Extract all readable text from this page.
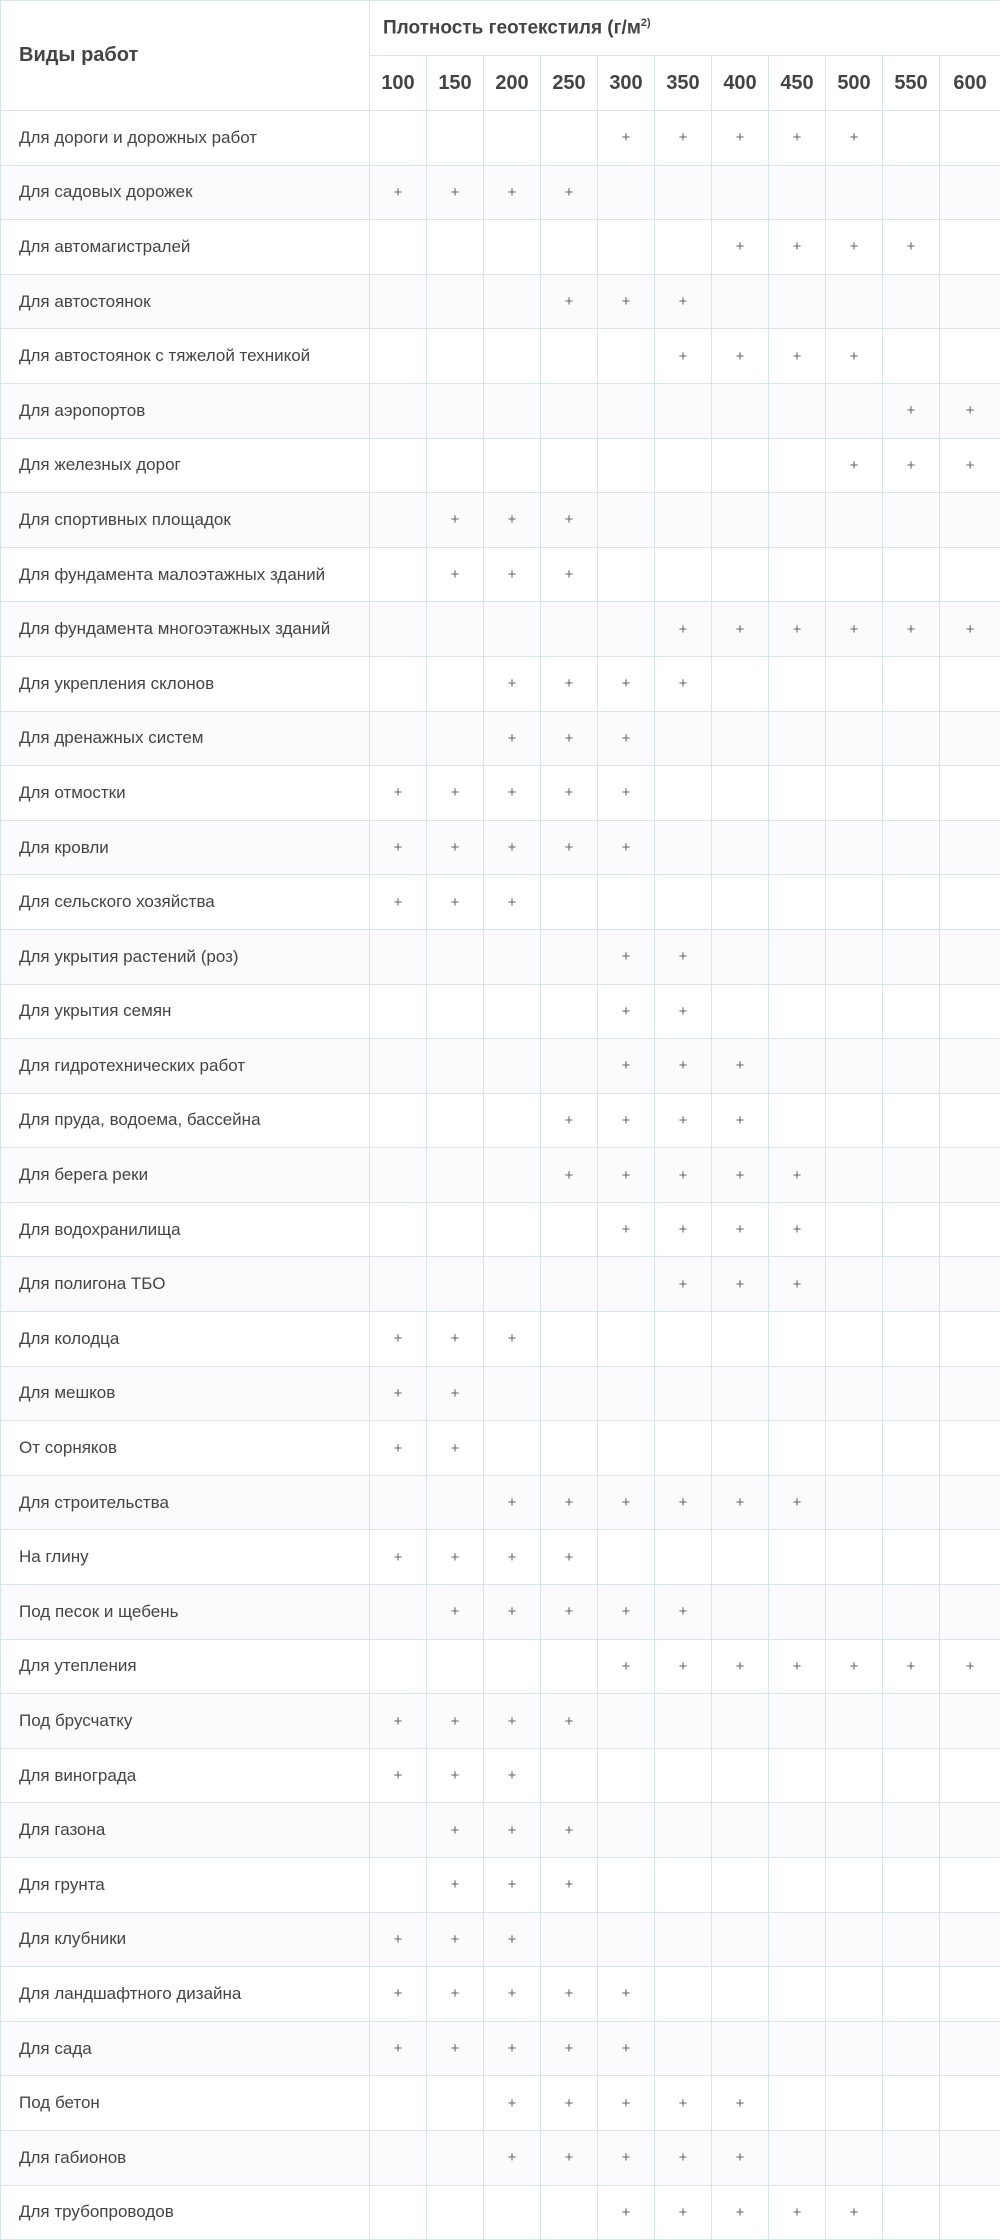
Виды работ	Плотность геотекстиля ($г/м^{2)}$
	100	150	200	250	300	350	400	450	500	550	600
Для дороги и дорожных работ					+	+	+	+	+		
Для садовых дорожек	+	+	+	+							
Для автомагистралей							+	+	+	+	
Для автостоянок				+	+	+					
Для автостоянок с тяжелой техникой						+	+	+	+		
Для аэропортов										+	+
Для железных дорог									+	+	+
Для спортивных площадок		+	+	+							
Для фундамента малоэтажных зданий		+	+	+							
Для фундамента многоэтажных зданий						+	+	+	+	+	+
Для укрепления склонов			+	+	+	+					
Для дренажных систем			+	+	+						
Для отмостки	+	+	+	+	+						
Для кровли	+	+	+	+	+						
Для сельского хозяйства	+	+	+								
Для укрытия растений (роз)					+	+					
Для укрытия семян					+	+					
Для гидротехнических работ					+	+	+				
Для пруда, водоема, бассейна				+	+	+	+				
Для берега реки				+	+	+	+	+			
Для водохранилища					+	+	+	+			
Для полигона ТБО						+	+	+			
Для колодца	+	+	+								
Для мешков	+	+									
От сорняков	+	+									
Для строительства			+	+	+	+	+	+			
На глину	+	+	+	+							
Под песок и щебень		+	+	+	+	+					
Для утепления					+	+	+	+	+	+	+
Под брусчатку	+	+	+	+							
Для винограда	+	+	+								
Для газона		+	+	+							
Для грунта		+	+	+							
Для клубники	+	+	+								
Для ландшафтного дизайна	+	+	+	+	+						
Для сада	+	+	+	+	+						
Под бетон			+	+	+	+	+				
Для габионов			+	+	+	+	+				
Для трубопроводов					+	+	+	+	+		
